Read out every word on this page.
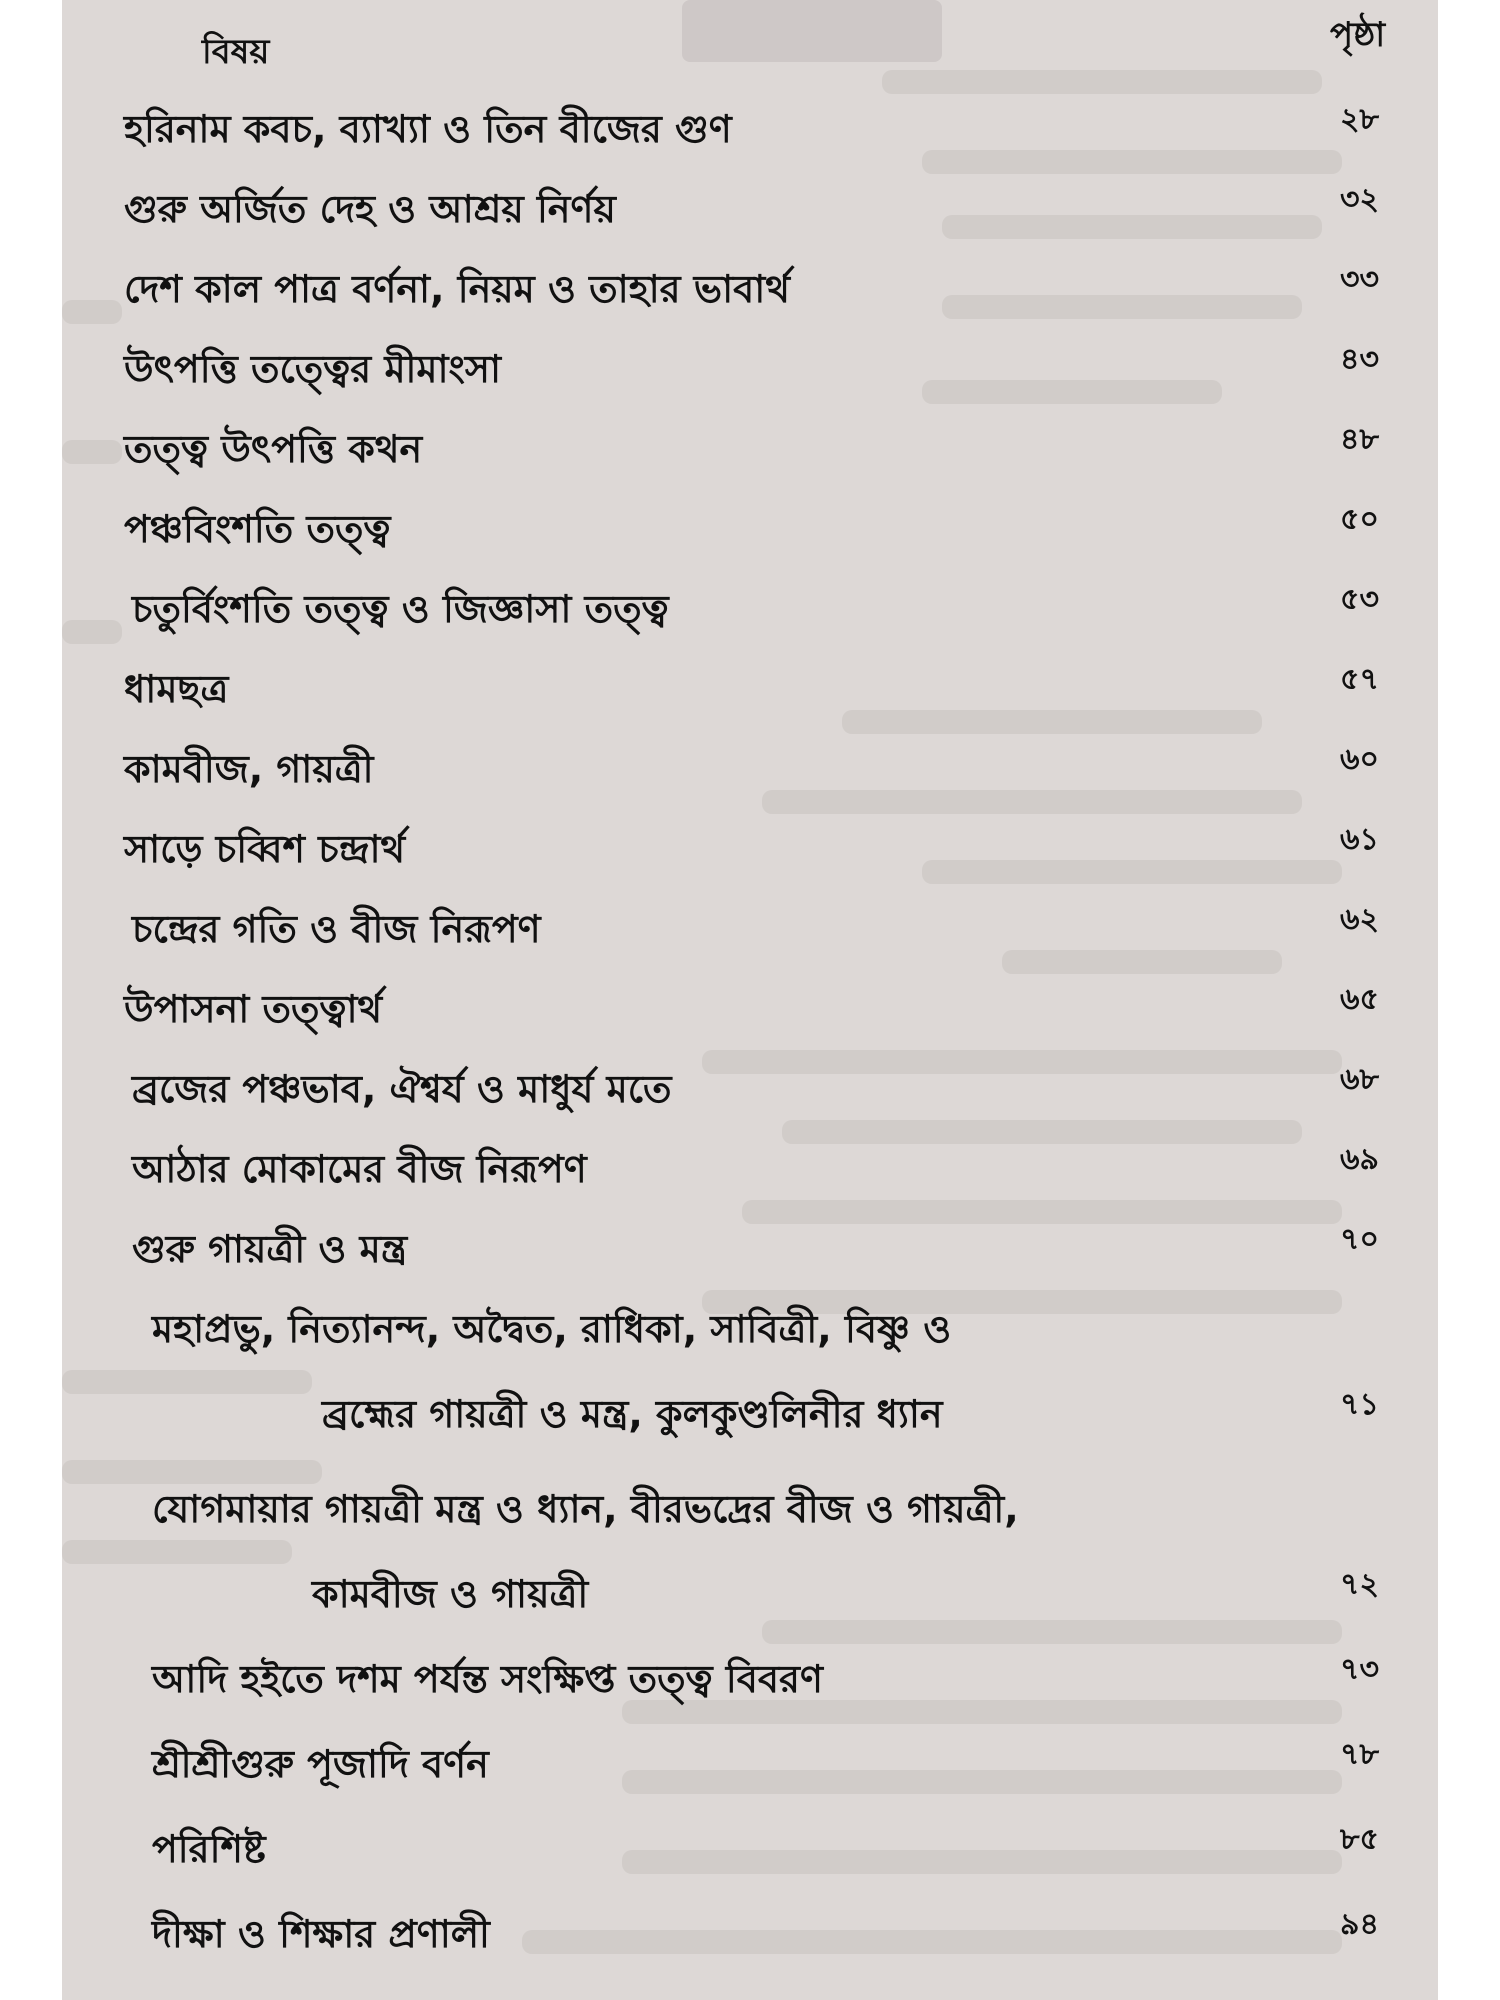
বিষয়	পৃষ্ঠা
হরিনাম কবচ, ব্যাখ্যা ও তিন বীজের গুণ	২৮
গুরু অর্জিত দেহ ও আশ্রয় নির্ণয়	৩২
দেশ কাল পাত্র বর্ণনা, নিয়ম ও তাহার ভাবার্থ	৩৩
উৎপত্তি তত্ত্বের মীমাংসা	৪৩
তত্ত্ব উৎপত্তি কথন	৪৮
পঞ্চবিংশতি তত্ত্ব	৫০
চতুর্বিংশতি তত্ত্ব ও জিজ্ঞাসা তত্ত্ব	৫৩
ধামছত্র	৫৭
কামবীজ, গায়ত্রী	৬০
সাড়ে চব্বিশ চন্দ্রার্থ	৬১
চন্দ্রের গতি ও বীজ নিরূপণ	৬২
উপাসনা তত্ত্বার্থ	৬৫
ব্রজের পঞ্চভাব, ঐশ্বর্য ও মাধুর্য মতে	৬৮
আঠার মোকামের বীজ নিরূপণ	৬৯
গুরু গায়ত্রী ও মন্ত্র	৭০
মহাপ্রভু, নিত্যানন্দ, অদ্বৈত, রাধিকা, সাবিত্রী, বিষ্ণু ও
ব্রহ্মের গায়ত্রী ও মন্ত্র, কুলকুণ্ডলিনীর ধ্যান	৭১
যোগমায়ার গায়ত্রী মন্ত্র ও ধ্যান, বীরভদ্রের বীজ ও গায়ত্রী,
কামবীজ ও গায়ত্রী	৭২
আদি হইতে দশম পর্যন্ত সংক্ষিপ্ত তত্ত্ব বিবরণ	৭৩
শ্রীশ্রীগুরু পূজাদি বর্ণন	৭৮
পরিশিষ্ট	৮৫
দীক্ষা ও শিক্ষার প্রণালী	৯৪
